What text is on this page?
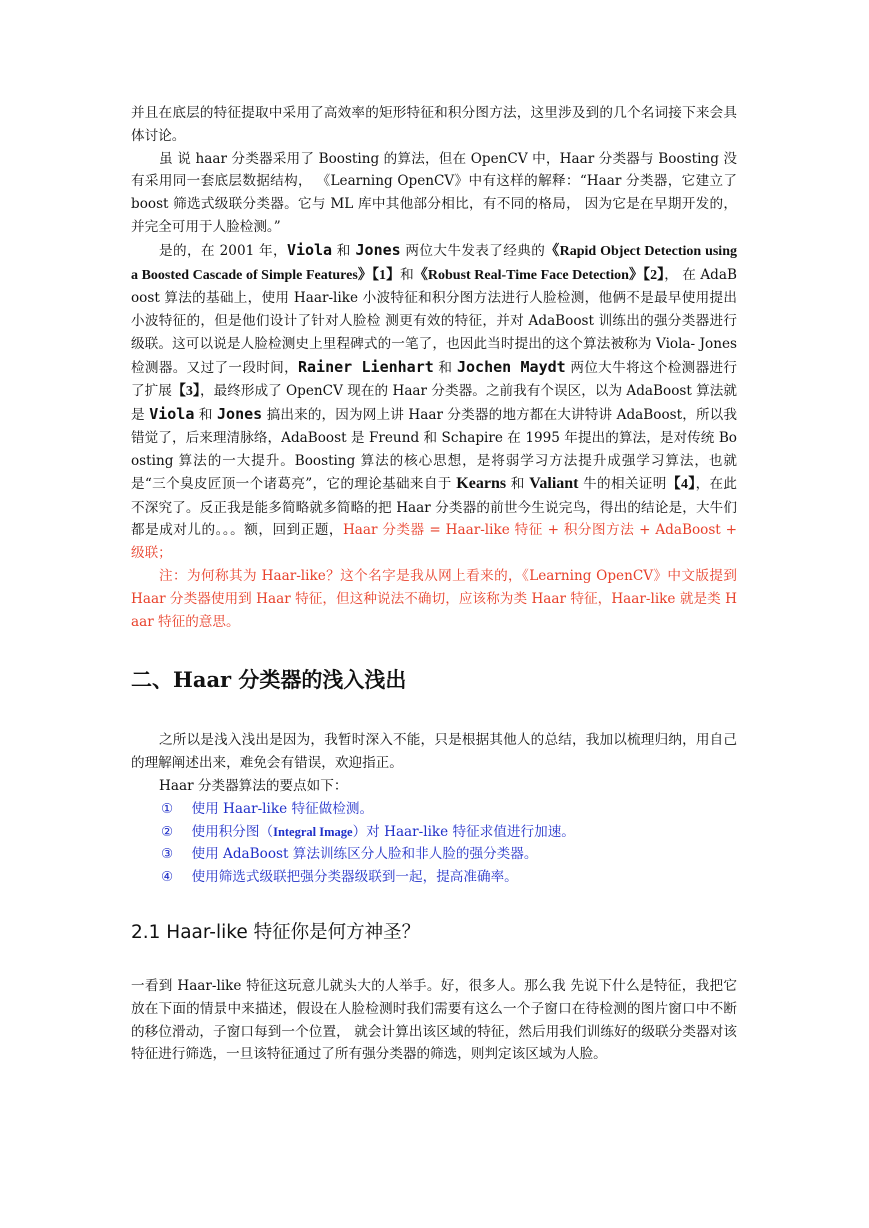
并且在底层的特征提取中采用了高效率的矩形特征和积分图方法，这里涉及到的几个名词接下来会具体讨论。

虽 说 haar 分类器采用了 Boosting 的算法，但在 OpenCV 中，Haar 分类器与 Boosting 没有采用同一套底层数据结构， 《Learning OpenCV》中有这样的解释：“Haar 分类器，它建立了 boost 筛选式级联分类器。它与 ML 库中其他部分相比，有不同的格局， 因为它是在早期开发的，并完全可用于人脸检测。”

是的，在 2001 年，Viola 和 Jones 两位大牛发表了经典的《Rapid Object Detection using a Boosted Cascade of Simple Features》【1】和《Robust Real-Time Face Detection》【2】， 在 AdaBoost 算法的基础上，使用 Haar-like 小波特征和积分图方法进行人脸检测，他俩不是最早使用提出小波特征的，但是他们设计了针对人脸检 测更有效的特征，并对 AdaBoost 训练出的强分类器进行级联。这可以说是人脸检测史上里程碑式的一笔了，也因此当时提出的这个算法被称为 Viola- Jones 检测器。又过了一段时间，Rainer Lienhart 和 Jochen Maydt 两位大牛将这个检测器进行了扩展【3】，最终形成了 OpenCV 现在的 Haar 分类器。之前我有个误区，以为 AdaBoost 算法就是 Viola 和 Jones 搞出来的，因为网上讲 Haar 分类器的地方都在大讲特讲 AdaBoost，所以我错觉了，后来理清脉络，AdaBoost 是 Freund 和 Schapire 在 1995 年提出的算法，是对传统 Boosting 算法的一大提升。Boosting 算法的核心思想，是将弱学习方法提升成强学习算法，也就是“三个臭皮匠顶一个诸葛亮”，它的理论基础来自于 Kearns 和 Valiant 牛的相关证明【4】，在此不深究了。反正我是能多简略就多简略的把 Haar 分类器的前世今生说完鸟，得出的结论是，大牛们都是成对儿的。。。额，回到正题，Haar 分类器 = Haar-like 特征 + 积分图方法 + AdaBoost + 级联；

注：为何称其为 Haar-like？这个名字是我从网上看来的，《Learning OpenCV》中文版提到 Haar 分类器使用到 Haar 特征，但这种说法不确切，应该称为类 Haar 特征，Haar-like 就是类 Haar 特征的意思。

二、Haar 分类器的浅入浅出

之所以是浅入浅出是因为，我暂时深入不能，只是根据其他人的总结，我加以梳理归纳，用自己的理解阐述出来，难免会有错误，欢迎指正。

Haar 分类器算法的要点如下：

① 使用 Haar-like 特征做检测。
② 使用积分图（Integral Image）对 Haar-like 特征求值进行加速。
③ 使用 AdaBoost 算法训练区分人脸和非人脸的强分类器。
④ 使用筛选式级联把强分类器级联到一起，提高准确率。
2.1 Haar-like 特征你是何方神圣？

一看到 Haar-like 特征这玩意儿就头大的人举手。好，很多人。那么我 先说下什么是特征，我把它放在下面的情景中来描述，假设在人脸检测时我们需要有这么一个子窗口在待检测的图片窗口中不断的移位滑动，子窗口每到一个位置， 就会计算出该区域的特征，然后用我们训练好的级联分类器对该特征进行筛选，一旦该特征通过了所有强分类器的筛选，则判定该区域为人脸。
